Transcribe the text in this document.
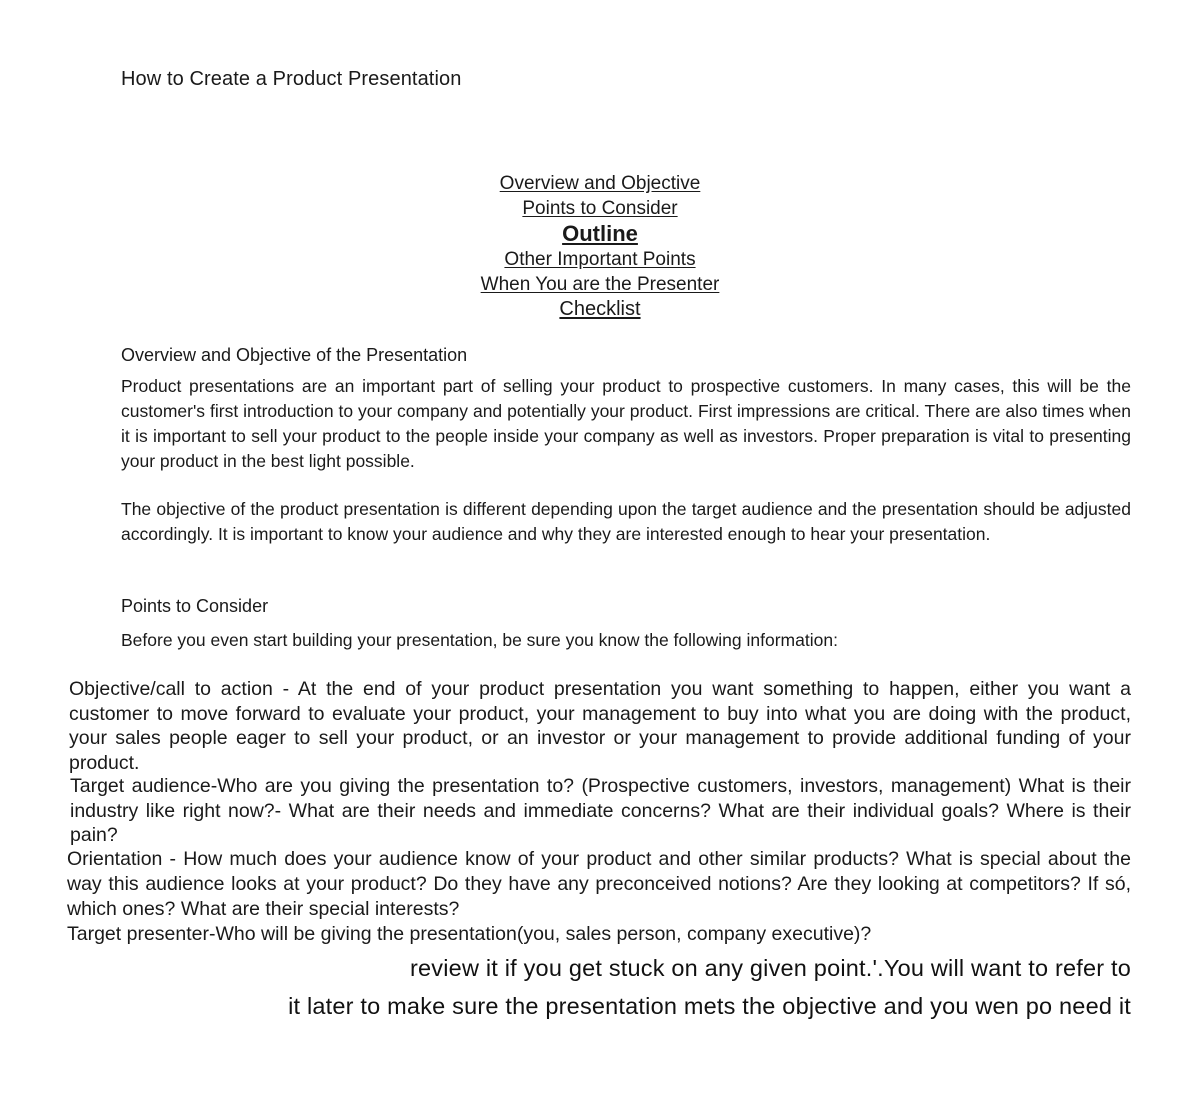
How to Create a Product Presentation
Overview and Objective
Points to Consider
Outline
Other Important Points
When You are the Presenter
Checklist
Overview and Objective of the Presentation

Product presentations are an important part of selling your product to prospective customers. In many cases, this will be the customer's first introduction to your company and potentially your product. First impressions are critical. There are also times when it is important to sell your product to the people inside your company as well as investors. Proper preparation is vital to presenting your product in the best light possible.

The objective of the product presentation is different depending upon the target audience and the presentation should be adjusted accordingly. It is important to know your audience and why they are interested enough to hear your presentation.

Points to Consider

Before you even start building your presentation, be sure you know the following information:

Objective/call to action - At the end of your product presentation you want something to happen, either you want a customer to move forward to evaluate your product, your management to buy into what you are doing with the product, your sales people eager to sell your product, or an investor or your management to provide additional funding of your product.

Target audience-Who are you giving the presentation to? (Prospective customers, investors, management) What is their industry like right now?- What are their needs and immediate concerns? What are their individual goals? Where is their pain?

Orientation - How much does your audience know of your product and other similar products? What is special about the way this audience looks at your product? Do they have any preconceived notions? Are they looking at competitors? If só, which ones? What are their special interests?

Target presenter-Who will be giving the presentation(you, sales person, company executive)?

review it if you get stuck on any given point.'.You will want to refer to
it later to make sure the presentation mets the objective and you wen po need it
